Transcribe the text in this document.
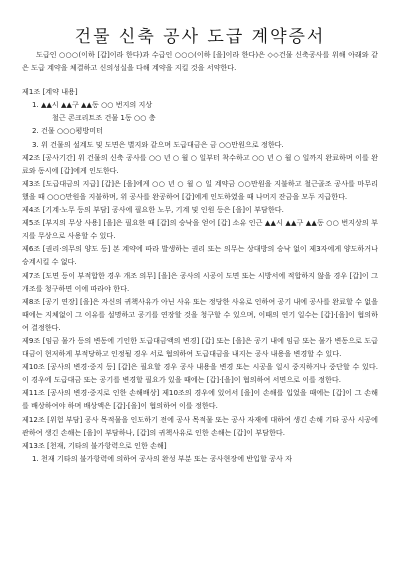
건물 신축 공사 도급 계약증서

도급인 ○○○(이하 [갑]이라 한다)과 수급인 ○○○(이하 [을]이라 한다)은 ◇◇건물 신축공사를 위해 아래와 같은 도급 계약을 체결하고 신의성실을 다해 계약을 지킬 것을 서약한다.

제1조 [계약 내용]

1. ▲▲시 ▲▲구 ▲▲동 ○○ 번지의 지상
철근 콘크리트조 건물 1동 ○○ 층
2. 건물 ○○○평방미터
3. 위 건물의 설계도 및 도면은 별지와 같으며 도급대금은 금 ○○만원으로 정한다.

제2조 [공사기간] 위 건물의 신축 공사를 ○○ 년 ○ 월 ○ 일부터 착수하고 ○○ 년 ○ 월 ○ 일까지 완료하며 이를 완료와 동시에 [갑]에게 인도한다.

제3조 [도급대금의 지급] [갑]은 [을]에게 ○○ 년 ○ 월 ○ 일 계약금 ○○만원을 지불하고 철근골조 공사를 마무리 했을 때 ○○○만원을 지불하며, 위 공사를 완공하여 [갑]에게 인도하였을 때 나머지 잔금을 모두 지급한다.

제4조 [기계·노무 등의 부담] 공사에 필요한 노무, 기계 및 인원 등은 [을]이 부담한다.

제5조 [부지의 무상 사용] [을]은 필요한 때 [갑]의 승낙을 얻어 [갑] 소유 인근 ▲▲시 ▲▲구 ▲▲동 ○○ 번지상의 부지를 무상으로 사용할 수 있다.

제6조 [권리·의무의 양도 등] 본 계약에 따라 발생하는 권리 또는 의무는 상대방의 승낙 없이 제3자에게 양도하거나 승계시킬 수 없다.

제7조 [도면 등이 부적합한 경우 개조 의무] [을]은 공사의 시공이 도면 또는 시방서에 적합하지 않을 경우 [갑]이 그 개조를 청구하면 이에 따라야 한다.

제8조 [공기 연장] [을]은 자신의 귀책사유가 아닌 사유 또는 정당한 사유로 인하여 공기 내에 공사를 완료할 수 없을 때에는 지체없이 그 이유를 설명하고 공기를 연장할 것을 청구할 수 있으며, 이때의 연기 일수는 [갑]·[을]이 협의하여 결정한다.

제9조 [임금 물가 등의 변동에 기인한 도급대금액의 변경] [갑] 또는 [을]은 공기 내에 임금 또는 물가 변동으로 도급대금이 현저하게 부적당하고 인정될 경우 서로 협의하여 도급대금을 내지는 공사 내용을 변경할 수 있다.

제10조 [공사의 변경·중지 등] [갑]은 필요할 경우 공사 내용을 변경 또는 시공을 일시 중지하거나 중단할 수 있다. 이 경우에 도급대금 또는 공기를 변경할 필요가 있을 때에는 [갑]·[을]이 협의하여 서면으로 이를 정한다.

제11조 [공사의 변경·중지로 인한 손해배상] 제10조의 경우에 있어서 [을]이 손해를 입었을 때에는 [갑]이 그 손해를 배상하여야 하며 배상액은 [갑]·[을]이 협의하여 이를 정한다.

제12조 [위험 부담] 공사 목적물을 인도하기 전에 공사 목적물 또는 공사 자재에 대하여 생긴 손해 기타 공사 시공에 관하여 생긴 손해는 [을]이 부담하나, [갑]의 귀책사유로 인한 손해는 [갑]이 부담한다.

제13조 [천재, 기타의 불가항력으로 인한 손해]

1. 천재 기타의 불가항력에 의하여 공사의 완성 부분 또는 공사현장에 반입할 공사 자
